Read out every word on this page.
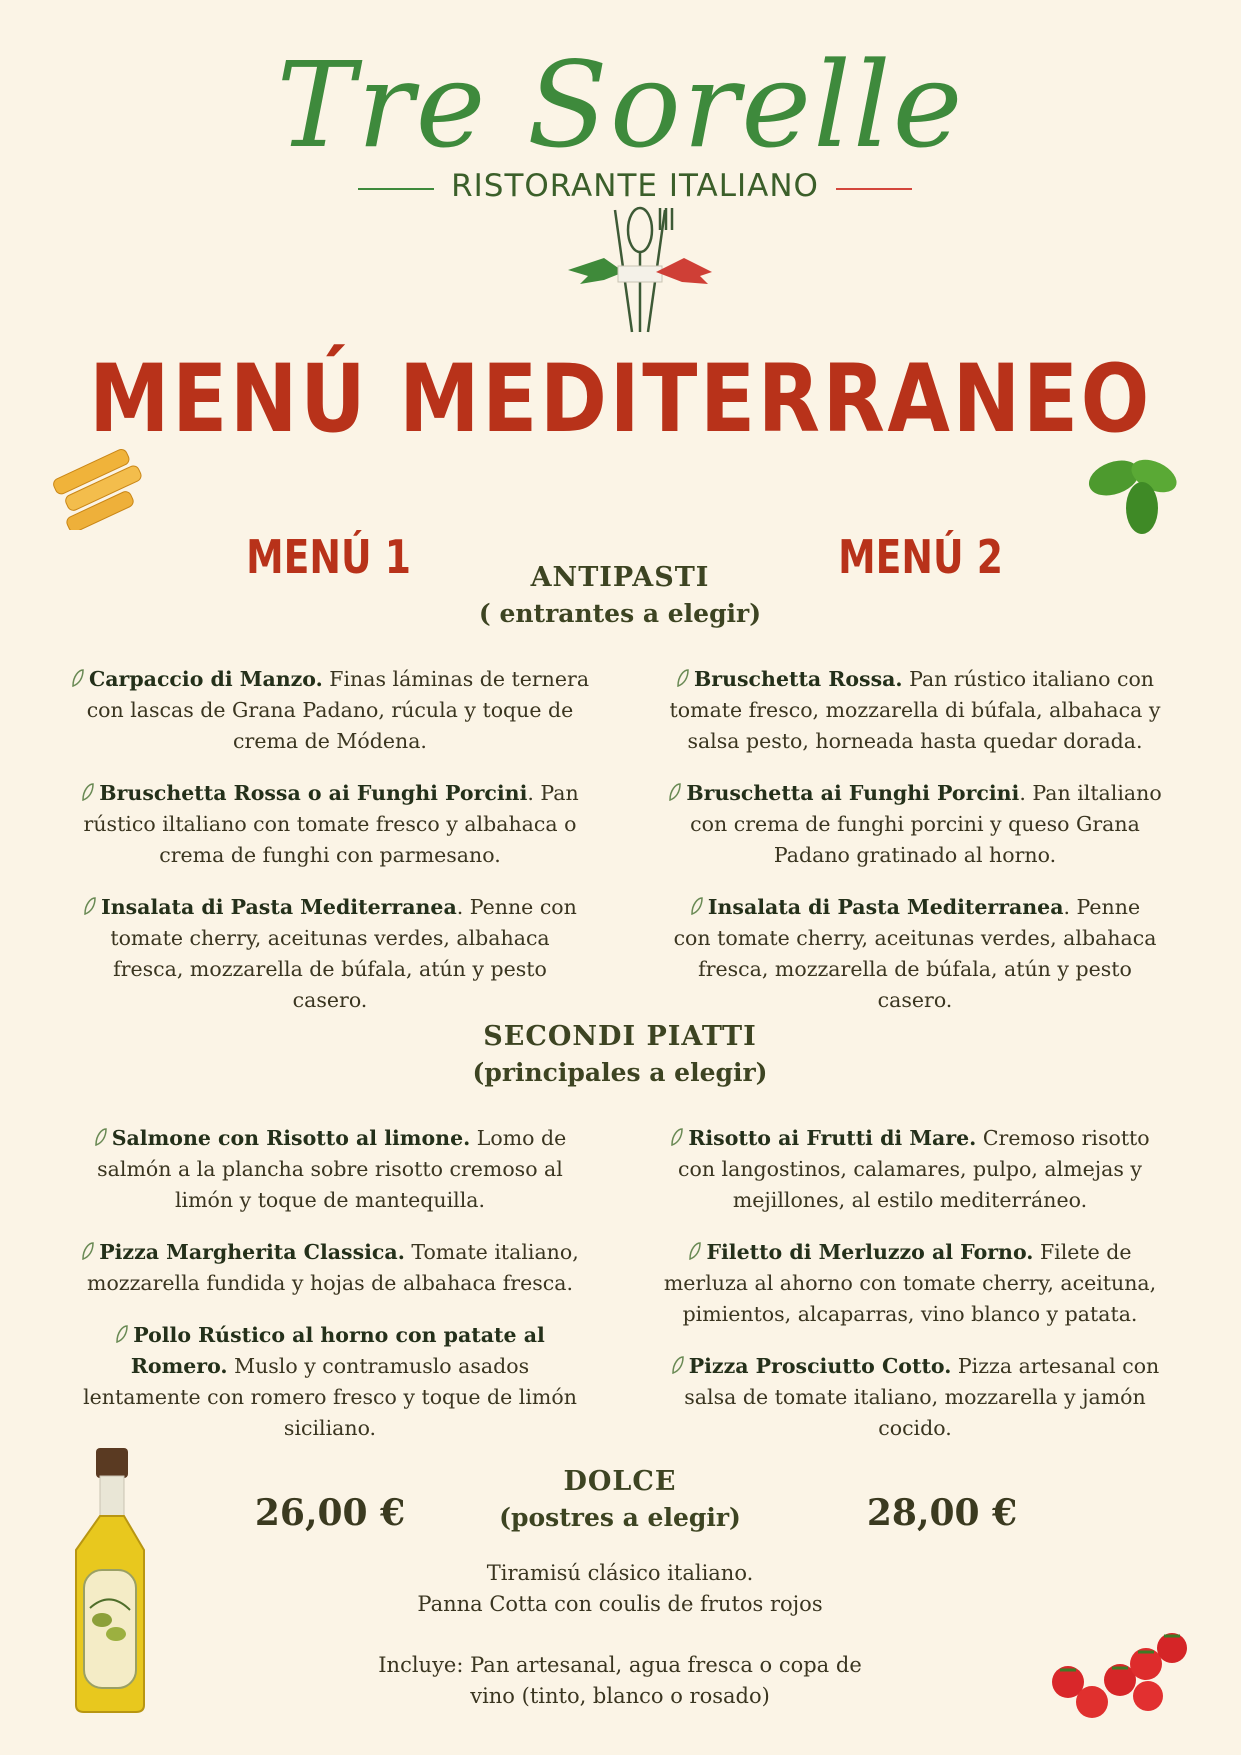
Tre Sorelle
RISTORANTE ITALIANO
MENÚ MEDITERRANEO
MENÚ 1	MENÚ 2
ANTIPASTI
( entrantes a elegir)
Carpaccio di Manzo. Finas láminas de ternera con lascas de Grana Padano, rúcula y toque de crema de Módena.
Bruschetta Rossa o ai Funghi Porcini. Pan rústico iltaliano con tomate fresco y albahaca o crema de funghi con parmesano.
Insalata di Pasta Mediterranea. Penne con tomate cherry, aceitunas verdes, albahaca fresca, mozzarella de búfala, atún y pesto casero.
Bruschetta Rossa. Pan rústico italiano con tomate fresco, mozzarella di búfala, albahaca y salsa pesto, horneada hasta quedar dorada.
Bruschetta ai Funghi Porcini. Pan iltaliano con crema de funghi porcini y queso Grana Padano gratinado al horno.
Insalata di Pasta Mediterranea. Penne con tomate cherry, aceitunas verdes, albahaca fresca, mozzarella de búfala, atún y pesto casero.
SECONDI PIATTI
(principales a elegir)
Salmone con Risotto al limone. Lomo de salmón a la plancha sobre risotto cremoso al limón y toque de mantequilla.
Pizza Margherita Classica. Tomate italiano, mozzarella fundida y hojas de albahaca fresca.
Pollo Rústico al horno con patate al Romero. Muslo y contramuslo asados lentamente con romero fresco y toque de limón siciliano.
Risotto ai Frutti di Mare. Cremoso risotto con langostinos, calamares, pulpo, almejas y mejillones, al estilo mediterráneo.
Filetto di Merluzzo al Forno. Filete de merluza al ahorno con tomate cherry, aceituna, pimientos, alcaparras, vino blanco y patata.
Pizza Prosciutto Cotto. Pizza artesanal con salsa de tomate italiano, mozzarella y jamón cocido.
26,00 €	28,00 €
DOLCE
(postres a elegir)
Tiramisú clásico italiano.
Panna Cotta con coulis de frutos rojos
Incluye: Pan artesanal, agua fresca o copa de
vino (tinto, blanco o rosado)
